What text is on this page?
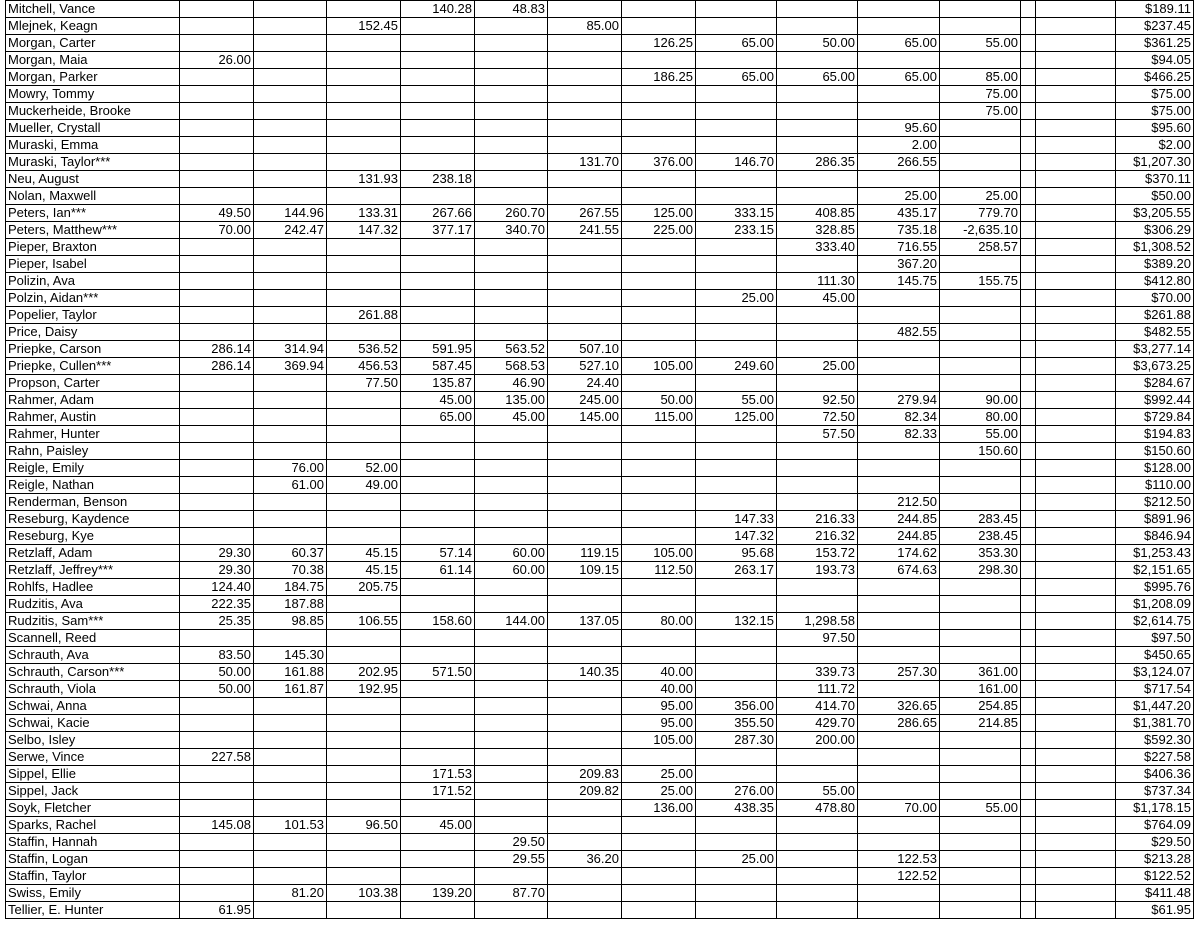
Mitchell, Vance				140.28	48.83									$189.11
Mlejnek, Keagn			152.45			85.00								$237.45
Morgan, Carter							126.25	65.00	50.00	65.00	55.00			$361.25
Morgan, Maia	26.00													$94.05
Morgan, Parker							186.25	65.00	65.00	65.00	85.00			$466.25
Mowry, Tommy											75.00			$75.00
Muckerheide, Brooke											75.00			$75.00
Mueller, Crystall										95.60				$95.60
Muraski, Emma										2.00				$2.00
Muraski, Taylor***						131.70	376.00	146.70	286.35	266.55				$1,207.30
Neu, August			131.93	238.18										$370.11
Nolan, Maxwell										25.00	25.00			$50.00
Peters, Ian***	49.50	144.96	133.31	267.66	260.70	267.55	125.00	333.15	408.85	435.17	779.70			$3,205.55
Peters, Matthew***	70.00	242.47	147.32	377.17	340.70	241.55	225.00	233.15	328.85	735.18	-2,635.10			$306.29
Pieper, Braxton									333.40	716.55	258.57			$1,308.52
Pieper, Isabel										367.20				$389.20
Polizin, Ava									111.30	145.75	155.75			$412.80
Polzin, Aidan***								25.00	45.00					$70.00
Popelier, Taylor			261.88											$261.88
Price, Daisy										482.55				$482.55
Priepke, Carson	286.14	314.94	536.52	591.95	563.52	507.10								$3,277.14
Priepke, Cullen***	286.14	369.94	456.53	587.45	568.53	527.10	105.00	249.60	25.00					$3,673.25
Propson, Carter			77.50	135.87	46.90	24.40								$284.67
Rahmer, Adam				45.00	135.00	245.00	50.00	55.00	92.50	279.94	90.00			$992.44
Rahmer, Austin				65.00	45.00	145.00	115.00	125.00	72.50	82.34	80.00			$729.84
Rahmer, Hunter									57.50	82.33	55.00			$194.83
Rahn, Paisley											150.60			$150.60
Reigle, Emily		76.00	52.00											$128.00
Reigle, Nathan		61.00	49.00											$110.00
Renderman, Benson										212.50				$212.50
Reseburg, Kaydence								147.33	216.33	244.85	283.45			$891.96
Reseburg, Kye								147.32	216.32	244.85	238.45			$846.94
Retzlaff, Adam	29.30	60.37	45.15	57.14	60.00	119.15	105.00	95.68	153.72	174.62	353.30			$1,253.43
Retzlaff, Jeffrey***	29.30	70.38	45.15	61.14	60.00	109.15	112.50	263.17	193.73	674.63	298.30			$2,151.65
Rohlfs, Hadlee	124.40	184.75	205.75											$995.76
Rudzitis, Ava	222.35	187.88												$1,208.09
Rudzitis, Sam***	25.35	98.85	106.55	158.60	144.00	137.05	80.00	132.15	1,298.58					$2,614.75
Scannell, Reed									97.50					$97.50
Schrauth, Ava	83.50	145.30												$450.65
Schrauth, Carson***	50.00	161.88	202.95	571.50		140.35	40.00		339.73	257.30	361.00			$3,124.07
Schrauth, Viola	50.00	161.87	192.95				40.00		111.72		161.00			$717.54
Schwai, Anna							95.00	356.00	414.70	326.65	254.85			$1,447.20
Schwai, Kacie							95.00	355.50	429.70	286.65	214.85			$1,381.70
Selbo, Isley							105.00	287.30	200.00					$592.30
Serwe, Vince	227.58													$227.58
Sippel, Ellie				171.53		209.83	25.00							$406.36
Sippel, Jack				171.52		209.82	25.00	276.00	55.00					$737.34
Soyk, Fletcher							136.00	438.35	478.80	70.00	55.00			$1,178.15
Sparks, Rachel	145.08	101.53	96.50	45.00										$764.09
Staffin, Hannah					29.50									$29.50
Staffin, Logan					29.55	36.20		25.00		122.53				$213.28
Staffin, Taylor										122.52				$122.52
Swiss, Emily		81.20	103.38	139.20	87.70									$411.48
Tellier, E. Hunter	61.95													$61.95
